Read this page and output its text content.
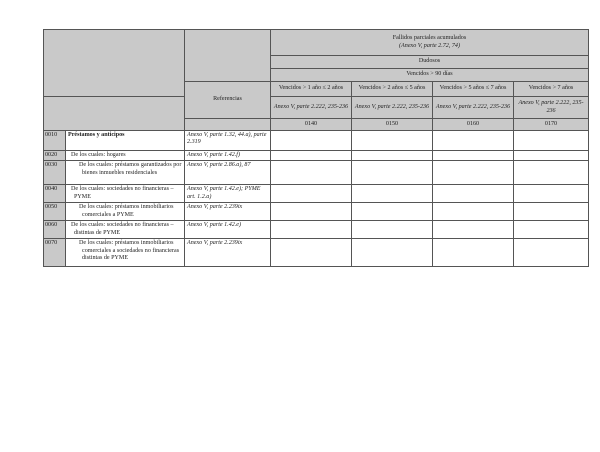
			Fallidos parciales acumulados
(Anexo V, parte 2.72, 74)			

			Dudosos			
			Vencidos > 90 días			
		Referencias	Vencidos > 1 año ≤ 2 años	Vencidos > 2 años ≤ 5 años	Vencidos > 5 años ≤ 7 años	Vencidos > 7 años
			Anexo V, parte 2.222, 235-236	Anexo V, parte 2.222, 235-236	Anexo V, parte 2.222, 235-236	Anexo V, parte 2.222, 235-236
			0140	0150	0160	0170
0010	Préstamos y anticipos	Anexo V, parte 1.32, 44.a), parte 2.319				
0020	De los cuales: hogares	Anexo V, parte 1.42.f)				
0030	De los cuales: préstamos garantizados por bienes inmuebles residenciales	Anexo V, parte 2.86.a), 87				
0040	De los cuales: sociedades no financieras – PYME	Anexo V, parte 1.42.e); PYME art. 1.2.a)				
0050	De los cuales: préstamos inmobiliarios comerciales a PYME	Anexo V, parte 2.239ix				
0060	De los cuales: sociedades no financieras – distintas de PYME	Anexo V, parte 1.42.e)				
0070	De los cuales: préstamos inmobiliarios comerciales a sociedades no financieras distintas de PYME	Anexo V, parte 2.239ix				
